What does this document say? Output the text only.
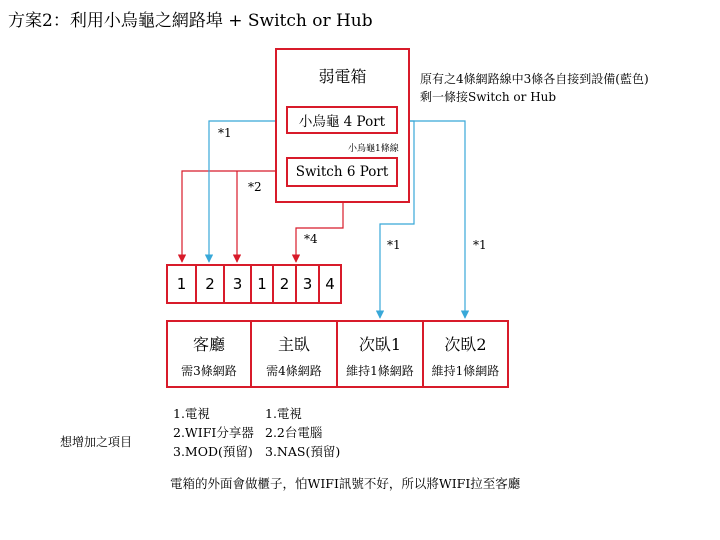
方案2：利用小烏龜之網路埠 + Switch or Hub
原有之4條網路線中3條各自接到設備(藍色)
剩一條接Switch or Hub
弱電箱
小烏龜 4 Port
小烏龜1條線
Switch 6 Port
*1
*2
*4	*1	*1
1	2	3 1 2 3 4
客廳
需3條網路
主臥
需4條網路
次臥1
維持1條網路
次臥2
維持1條網路
想增加之項目
1.電視
2.WIFI分享器
3.MOD(預留)
1.電視
2.2台電腦
3.NAS(預留)
電箱的外面會做櫃子，怕WIFI訊號不好，所以將WIFI拉至客廳
